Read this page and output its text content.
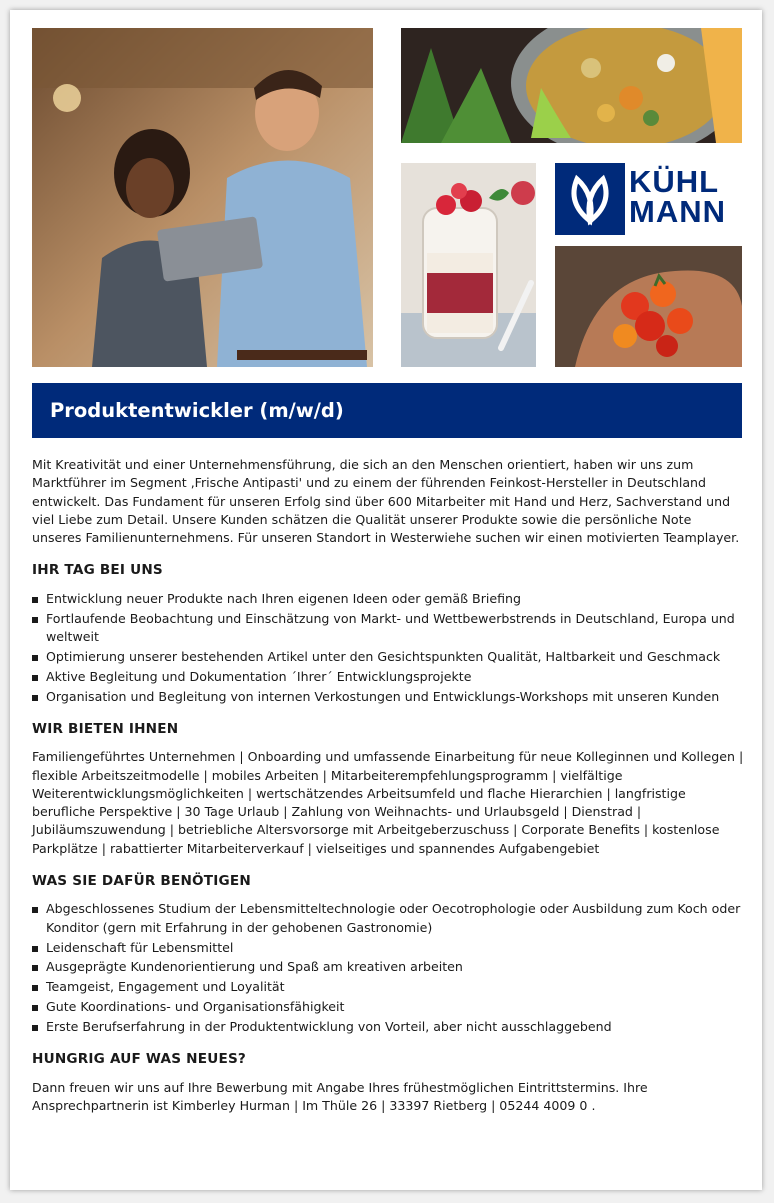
KÜHL
MANN
Produktentwickler (m/w/d)

Mit Kreativität und einer Unternehmensführung, die sich an den Menschen orientiert, haben wir uns zum Marktführer im Segment ‚Frische Antipasti' und zu einem der führenden Feinkost-Hersteller in Deutschland entwickelt. Das Fundament für unseren Erfolg sind über 600 Mitarbeiter mit Hand und Herz, Sachverstand und viel Liebe zum Detail. Unsere Kunden schätzen die Qualität unserer Produkte sowie die persönliche Note unseres Familienunternehmens. Für unseren Standort in Westerwiehe suchen wir einen motivierten Teamplayer.

IHR TAG BEI UNS
Entwicklung neuer Produkte nach Ihren eigenen Ideen oder gemäß Briefing
Fortlaufende Beobachtung und Einschätzung von Markt- und Wettbewerbstrends in Deutschland, Europa und weltweit
Optimierung unserer bestehenden Artikel unter den Gesichtspunkten Qualität, Haltbarkeit und Geschmack
Aktive Begleitung und Dokumentation ´Ihrer´ Entwicklungsprojekte
Organisation und Begleitung von internen Verkostungen und Entwicklungs-Workshops mit unseren Kunden
WIR BIETEN IHNEN

Familiengeführtes Unternehmen | Onboarding und umfassende Einarbeitung für neue Kolleginnen und Kollegen | flexible Arbeitszeitmodelle | mobiles Arbeiten | Mitarbeiterempfehlungsprogramm | vielfältige Weiterentwicklungsmöglichkeiten | wertschätzendes Arbeitsumfeld und flache Hierarchien | langfristige berufliche Perspektive | 30 Tage Urlaub | Zahlung von Weihnachts- und Urlaubsgeld | Dienstrad | Jubiläumszuwendung | betriebliche Altersvorsorge mit Arbeitgeberzuschuss | Corporate Benefits | kostenlose Parkplätze | rabattierter Mitarbeiterverkauf | vielseitiges und spannendes Aufgabengebiet

WAS SIE DAFÜR BENÖTIGEN
Abgeschlossenes Studium der Lebensmitteltechnologie oder Oecotrophologie oder Ausbildung zum Koch oder Konditor (gern mit Erfahrung in der gehobenen Gastronomie)
Leidenschaft für Lebensmittel
Ausgeprägte Kundenorientierung und Spaß am kreativen arbeiten
Teamgeist, Engagement und Loyalität
Gute Koordinations- und Organisationsfähigkeit
Erste Berufserfahrung in der Produktentwicklung von Vorteil, aber nicht ausschlaggebend
HUNGRIG AUF WAS NEUES?

Dann freuen wir uns auf Ihre Bewerbung mit Angabe Ihres frühestmöglichen Eintrittstermins. Ihre Ansprechpartnerin ist Kimberley Hurman | Im Thüle 26 | 33397 Rietberg | 05244 4009 0 .
